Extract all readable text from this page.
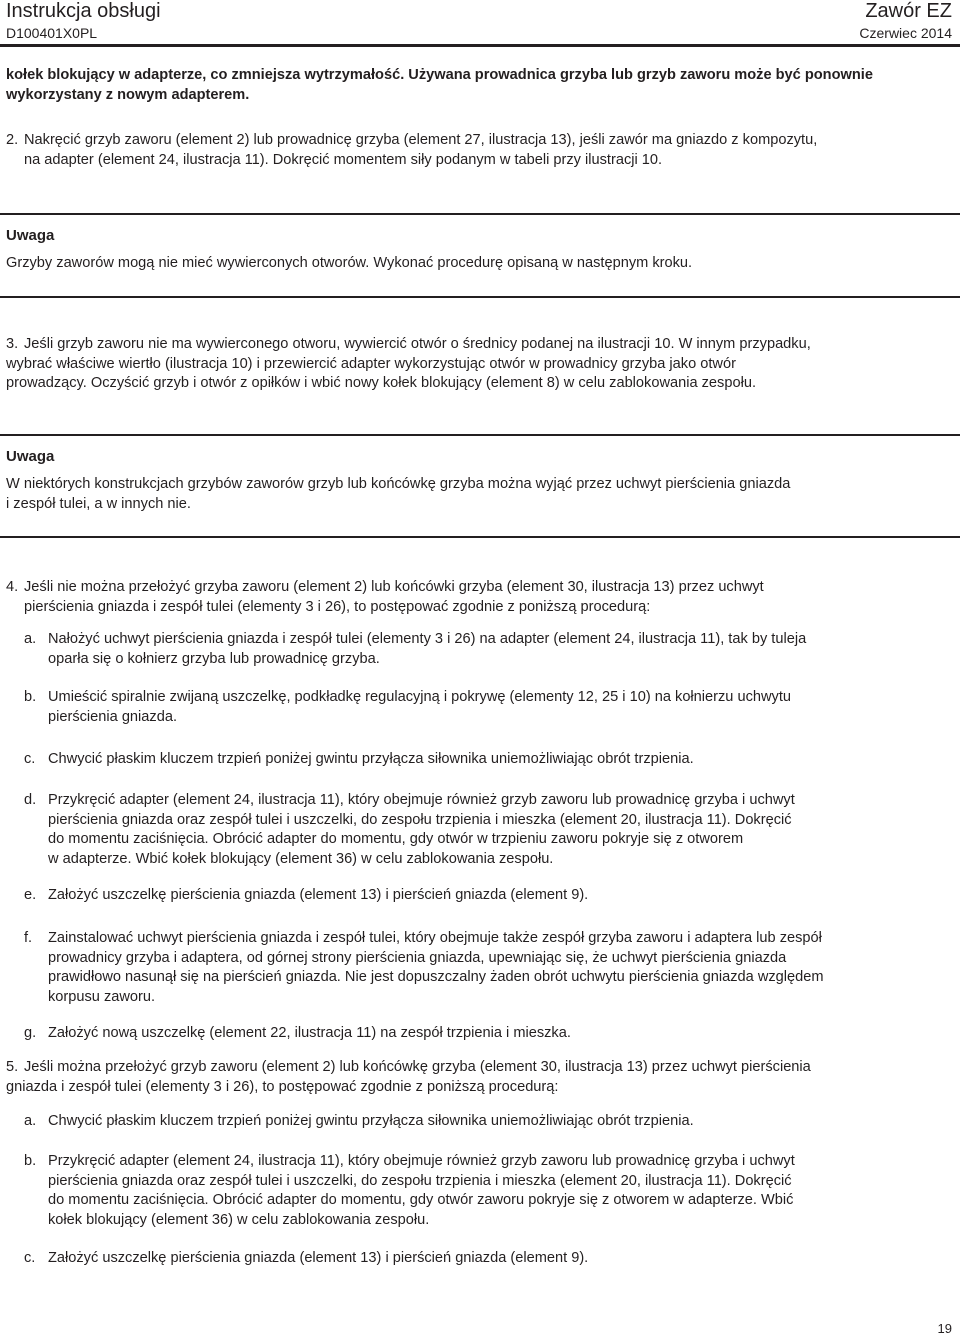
Instrukcja obsługi
D100401X0PL
Zawór EZ
Czerwiec 2014
kołek blokujący w adapterze, co zmniejsza wytrzymałość. Używana prowadnica grzyba lub grzyb zaworu może być ponownie
wykorzystany z nowym adapterem.
2. Nakręcić grzyb zaworu (element 2) lub prowadnicę grzyba (element 27, ilustracja 13), jeśli zawór ma gniazdo z kompozytu,
na adapter (element 24, ilustracja 11). Dokręcić momentem siły podanym w tabeli przy ilustracji 10.
Uwaga
Grzyby zaworów mogą nie mieć wywierconych otworów. Wykonać procedurę opisaną w następnym kroku.
3. Jeśli grzyb zaworu nie ma wywierconego otworu, wywiercić otwór o średnicy podanej na ilustracji 10. W innym przypadku,
wybrać właściwe wiertło (ilustracja 10) i przewiercić adapter wykorzystując otwór w prowadnicy grzyba jako otwór
prowadzący. Oczyścić grzyb i otwór z opiłków i wbić nowy kołek blokujący (element 8) w celu zablokowania zespołu.
Uwaga
W niektórych konstrukcjach grzybów zaworów grzyb lub końcówkę grzyba można wyjąć przez uchwyt pierścienia gniazda
i zespół tulei, a w innych nie.
4. Jeśli nie można przełożyć grzyba zaworu (element 2) lub końcówki grzyba (element 30, ilustracja 13) przez uchwyt
pierścienia gniazda i zespół tulei (elementy 3 i 26), to postępować zgodnie z poniższą procedurą:
a. Nałożyć uchwyt pierścienia gniazda i zespół tulei (elementy 3 i 26) na adapter (element 24, ilustracja 11), tak by tuleja
oparła się o kołnierz grzyba lub prowadnicę grzyba.
b. Umieścić spiralnie zwijaną uszczelkę, podkładkę regulacyjną i pokrywę (elementy 12, 25 i 10) na kołnierzu uchwytu
pierścienia gniazda.
c. Chwycić płaskim kluczem trzpień poniżej gwintu przyłącza siłownika uniemożliwiając obrót trzpienia.
d. Przykręcić adapter (element 24, ilustracja 11), który obejmuje również grzyb zaworu lub prowadnicę grzyba i uchwyt
pierścienia gniazda oraz zespół tulei i uszczelki, do zespołu trzpienia i mieszka (element 20, ilustracja 11). Dokręcić
do momentu zaciśnięcia. Obrócić adapter do momentu, gdy otwór w trzpieniu zaworu pokryje się z otworem
w adapterze. Wbić kołek blokujący (element 36) w celu zablokowania zespołu.
e. Założyć uszczelkę pierścienia gniazda (element 13) i pierścień gniazda (element 9).
f. Zainstalować uchwyt pierścienia gniazda i zespół tulei, który obejmuje także zespół grzyba zaworu i adaptera lub zespół
prowadnicy grzyba i adaptera, od górnej strony pierścienia gniazda, upewniając się, że uchwyt pierścienia gniazda
prawidłowo nasunął się na pierścień gniazda. Nie jest dopuszczalny żaden obrót uchwytu pierścienia gniazda względem
korpusu zaworu.
g. Założyć nową uszczelkę (element 22, ilustracja 11) na zespół trzpienia i mieszka.
5. Jeśli można przełożyć grzyb zaworu (element 2) lub końcówkę grzyba (element 30, ilustracja 13) przez uchwyt pierścienia
gniazda i zespół tulei (elementy 3 i 26), to postępować zgodnie z poniższą procedurą:
a. Chwycić płaskim kluczem trzpień poniżej gwintu przyłącza siłownika uniemożliwiając obrót trzpienia.
b. Przykręcić adapter (element 24, ilustracja 11), który obejmuje również grzyb zaworu lub prowadnicę grzyba i uchwyt
pierścienia gniazda oraz zespół tulei i uszczelki, do zespołu trzpienia i mieszka (element 20, ilustracja 11). Dokręcić
do momentu zaciśnięcia. Obrócić adapter do momentu, gdy otwór zaworu pokryje się z otworem w adapterze. Wbić
kołek blokujący (element 36) w celu zablokowania zespołu.
c. Założyć uszczelkę pierścienia gniazda (element 13) i pierścień gniazda (element 9).
19
